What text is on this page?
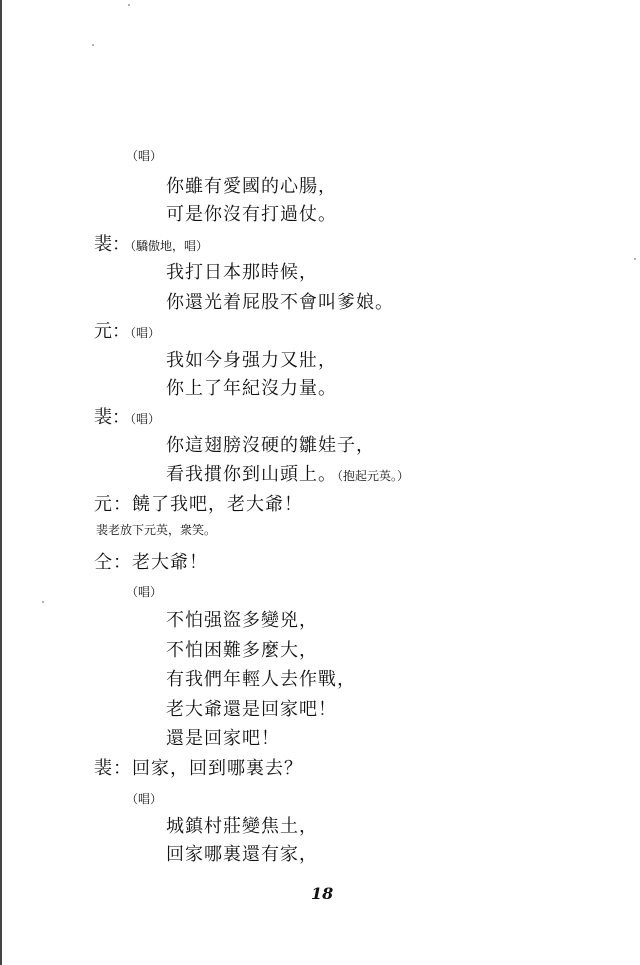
（唱）
你雖有愛國的心腸，
可是你沒有打過仗。
裴：（驕傲地，唱）
我打日本那時候，
你還光着屁股不會叫爹娘。
元：（唱）
我如今身强力又壯，
你上了年紀沒力量。
裴：（唱）
你這翅膀沒硬的雛娃子，
看我摜你到山頭上。（抱起元英。）
元：饒了我吧，老大爺！
裴老放下元英，衆笑。
仝：老大爺！
（唱）
不怕强盜多變兇，
不怕困難多麼大，
有我們年輕人去作戰，
老大爺還是回家吧！
還是回家吧！
裴：回家，回到哪裏去？
（唱）
城鎮村莊變焦土，
回家哪裏還有家，
18
